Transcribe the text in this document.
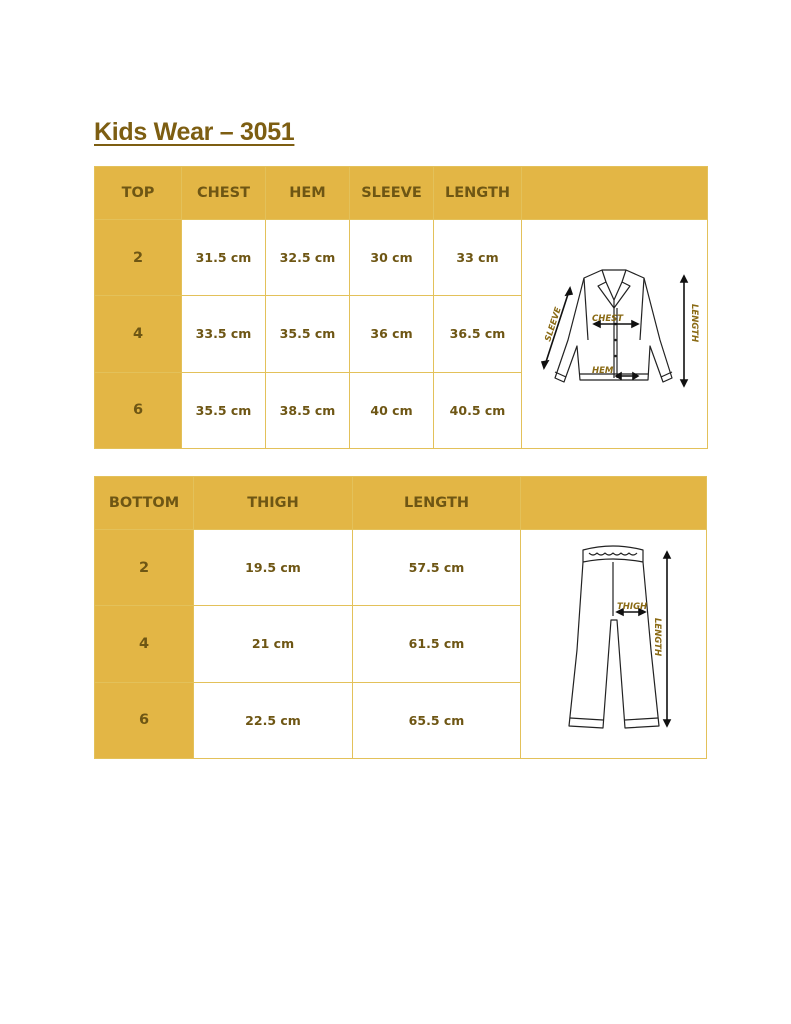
Kids Wear – 3051
TOP	CHEST	HEM	SLEEVE	LENGTH	
2	31.5 cm	32.5 cm	30 cm	33 cm	SLEEVE CHEST
HEM
LENGTH

4	33.5 cm	35.5 cm	36 cm	36.5 cm	
6	35.5 cm	38.5 cm	40 cm	40.5 cm	
BOTTOM	THIGH	LENGTH	
2	19.5 cm	57.5 cm	THIGH
LENGTH

4	21 cm	61.5 cm	
6	22.5 cm	65.5 cm	
